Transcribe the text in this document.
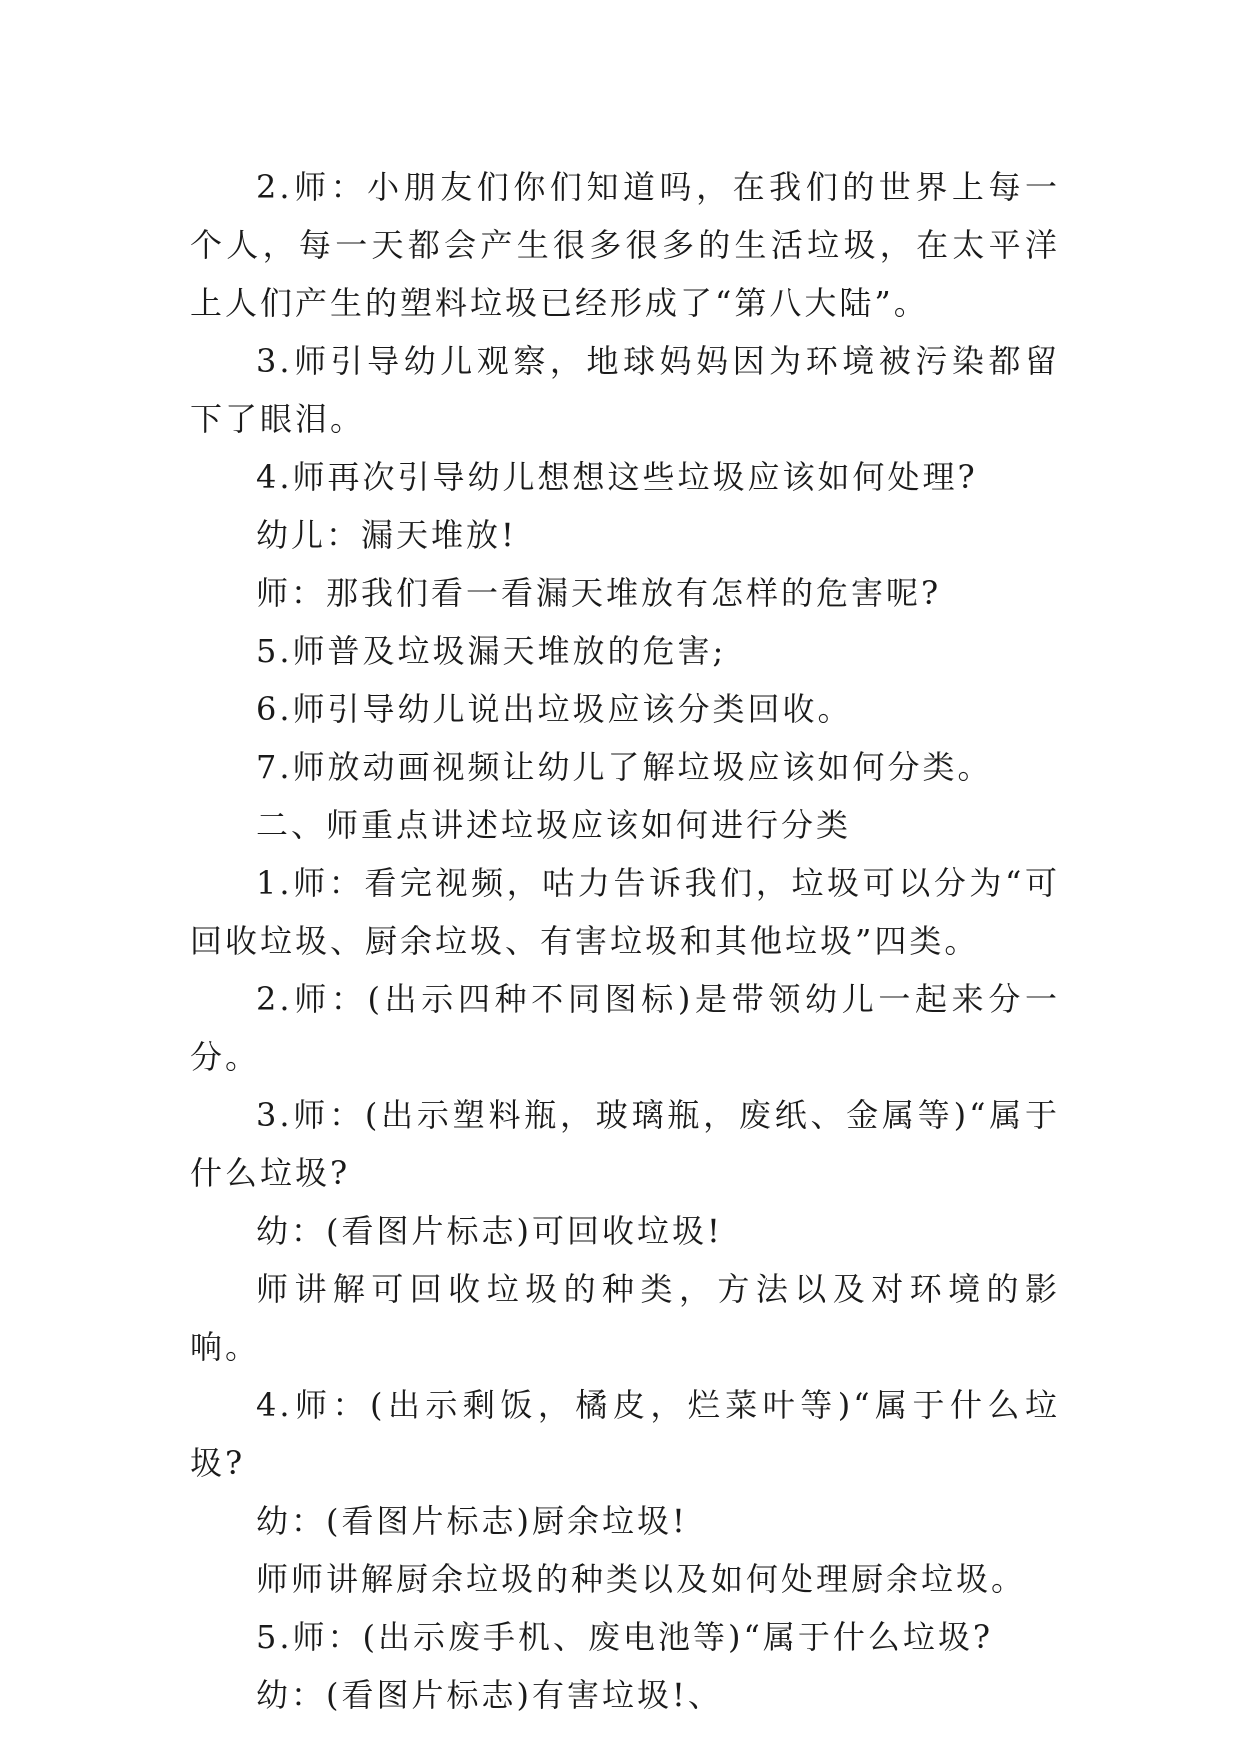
2.师：小朋友们你们知道吗，在我们的世界上每一个人，每一天都会产生很多很多的生活垃圾，在太平洋上人们产生的塑料垃圾已经形成了“第八大陆”。

3.师引导幼儿观察，地球妈妈因为环境被污染都留下了眼泪。

4.师再次引导幼儿想想这些垃圾应该如何处理?

幼儿：漏天堆放!

师：那我们看一看漏天堆放有怎样的危害呢?

5.师普及垃圾漏天堆放的危害;

6.师引导幼儿说出垃圾应该分类回收。

7.师放动画视频让幼儿了解垃圾应该如何分类。

二、师重点讲述垃圾应该如何进行分类

1.师：看完视频，咕力告诉我们，垃圾可以分为“可回收垃圾、厨余垃圾、有害垃圾和其他垃圾”四类。

2.师：(出示四种不同图标)是带领幼儿一起来分一分。

3.师：(出示塑料瓶，玻璃瓶，废纸、金属等)“属于什么垃圾?

幼：(看图片标志)可回收垃圾!

师讲解可回收垃圾的种类，方法以及对环境的影响。

4.师：(出示剩饭，橘皮，烂菜叶等)“属于什么垃圾?

幼：(看图片标志)厨余垃圾!

师师讲解厨余垃圾的种类以及如何处理厨余垃圾。

5.师：(出示废手机、废电池等)“属于什么垃圾?

幼：(看图片标志)有害垃圾!、
